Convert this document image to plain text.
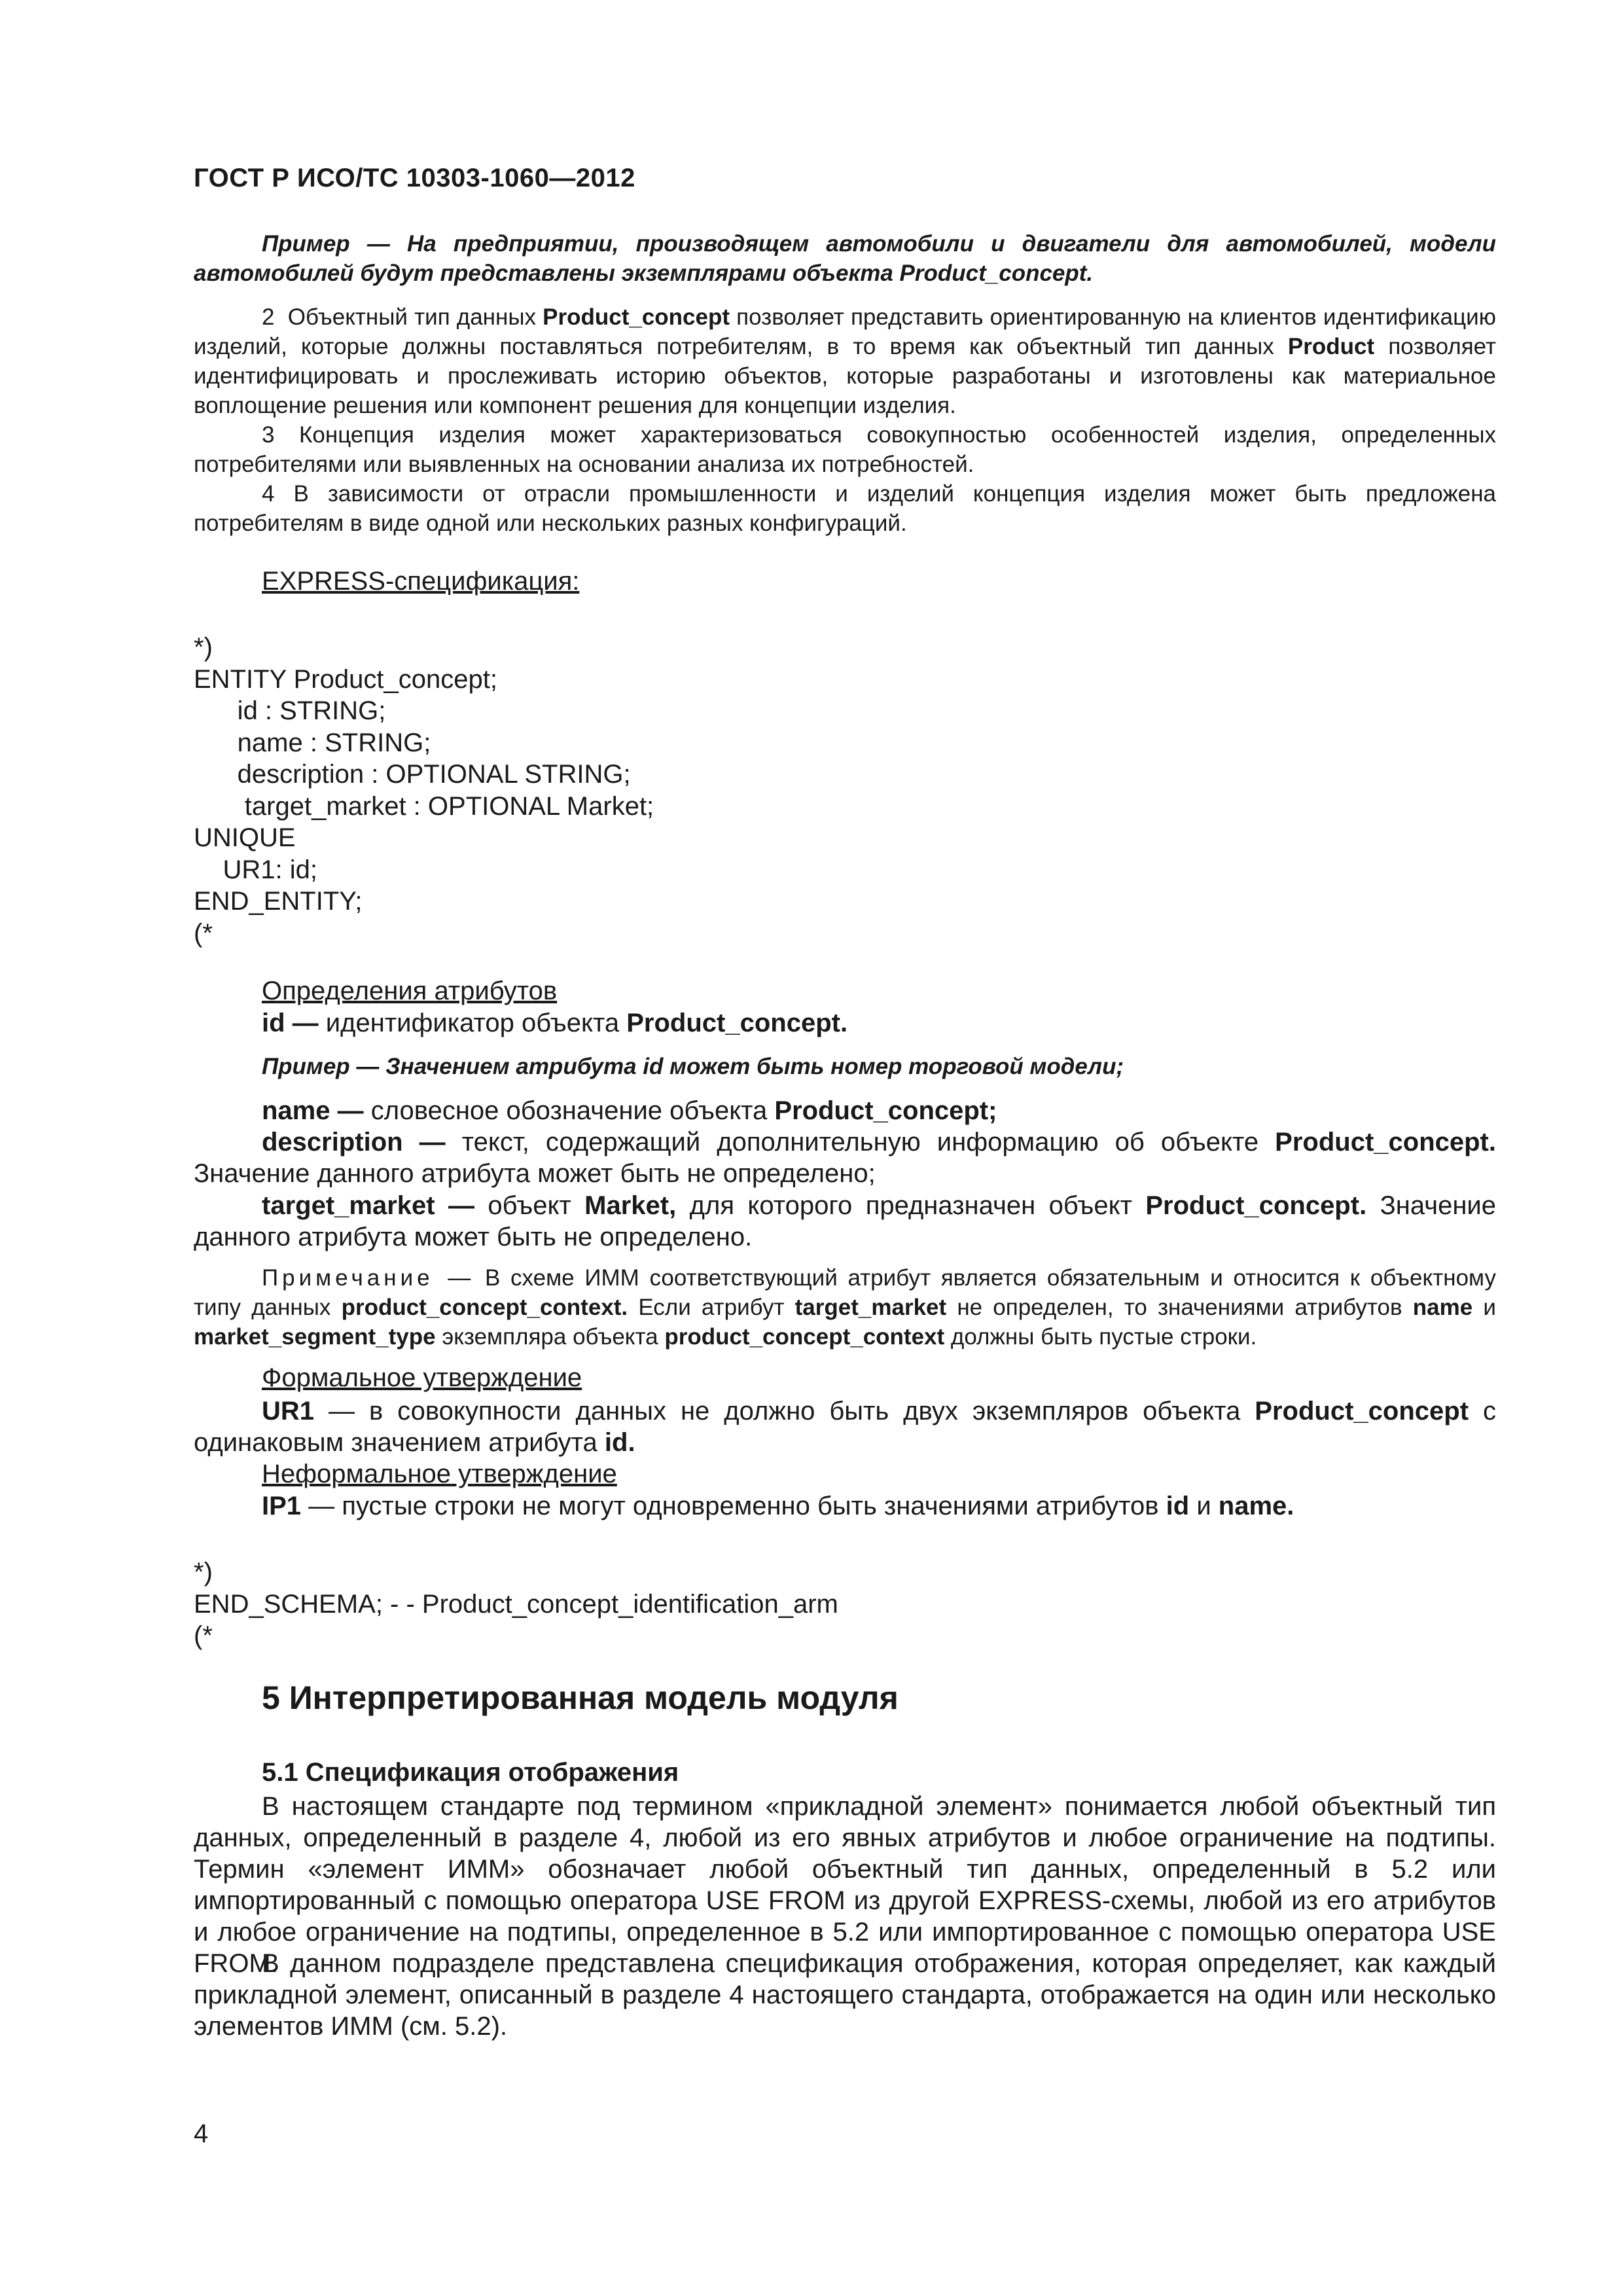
ГОСТ Р ИСО/ТС 10303-1060—2012

Пример — На предприятии, производящем автомобили и двигатели для автомобилей, модели автомобилей будут представлены экземплярами объекта Product_concept.

2 Объектный тип данных Product_concept позволяет представить ориентированную на клиентов идентификацию изделий, которые должны поставляться потребителям, в то время как объектный тип данных Product позволяет идентифицировать и прослеживать историю объектов, которые разработаны и изготовлены как материальное воплощение решения или компонент решения для концепции изделия.

3 Концепция изделия может характеризоваться совокупностью особенностей изделия, определенных потребителями или выявленных на основании анализа их потребностей.

4 В зависимости от отрасли промышленности и изделий концепция изделия может быть предложена потребителям в виде одной или нескольких разных конфигураций.

EXPRESS-спецификация:
*)
ENTITY Product_concept;
id : STRING;
name : STRING;
description : OPTIONAL STRING;
target_market : OPTIONAL Market;
UNIQUE
UR1: id;
END_ENTITY;
(*
Определения атрибутов
id — идентификатор объекта Product_concept.
Пример — Значением атрибута id может быть номер торговой модели;

name — словесное обозначение объекта Product_concept;

description — текст, содержащий дополнительную информацию об объекте Product_concept. Значение данного атрибута может быть не определено;

target_market — объект Market, для которого предназначен объект Product_concept. Значение данного атрибута может быть не определено.

Примечание — В схеме ИММ соответствующий атрибут является обязательным и относится к объектному типу данных product_concept_context. Если атрибут target_market не определен, то значениями атрибутов name и market_segment_type экземпляра объекта product_concept_context должны быть пустые строки.

Формальное утверждение

UR1 — в совокупности данных не должно быть двух экземпляров объекта Product_concept с одинаковым значением атрибута id.

Неформальное утверждение
IP1 — пустые строки не могут одновременно быть значениями атрибутов id и name.
*)
END_SCHEMA; - - Product_concept_identification_arm
(*
5 Интерпретированная модель модуля
5.1 Спецификация отображения

В настоящем стандарте под термином «прикладной элемент» понимается любой объектный тип данных, определенный в разделе 4, любой из его явных атрибутов и любое ограничение на подтипы. Термин «элемент ИММ» обозначает любой объектный тип данных, определенный в 5.2 или импортированный с помощью оператора USE FROM из другой EXPRESS-схемы, любой из его атрибутов и любое ограничение на подтипы, определенное в 5.2 или импортированное с помощью оператора USE FROM.

В данном подразделе представлена спецификация отображения, которая определяет, как каждый прикладной элемент, описанный в разделе 4 настоящего стандарта, отображается на один или несколько элементов ИММ (см. 5.2).

4
